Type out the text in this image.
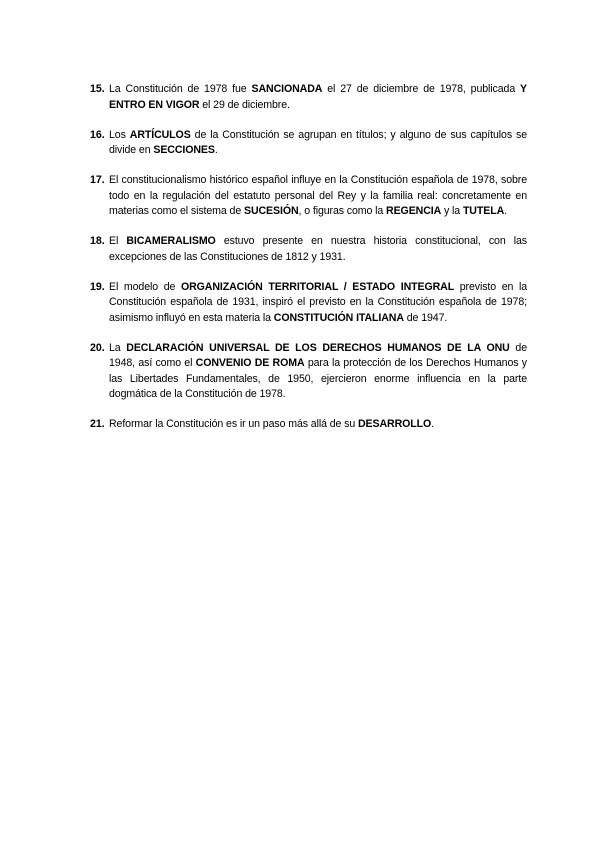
15. La Constitución de 1978 fue SANCIONADA el 27 de diciembre de 1978, publicada Y ENTRO EN VIGOR el 29 de diciembre.
16. Los ARTÍCULOS de la Constitución se agrupan en títulos; y alguno de sus capítulos se divide en SECCIONES.
17. El constitucionalismo histórico español influye en la Constitución española de 1978, sobre todo en la regulación del estatuto personal del Rey y la familia real: concretamente en materias como el sistema de SUCESIÓN, o figuras como la REGENCIA y la TUTELA.
18. El BICAMERALISMO estuvo presente en nuestra historia constitucional, con las excepciones de las Constituciones de 1812 y 1931.
19. El modelo de ORGANIZACIÓN TERRITORIAL / ESTADO INTEGRAL previsto en la Constitución española de 1931, inspiró el previsto en la Constitución española de 1978; asimismo influyó en esta materia la CONSTITUCIÓN ITALIANA de 1947.
20. La DECLARACIÓN UNIVERSAL DE LOS DERECHOS HUMANOS DE LA ONU de 1948, así como el CONVENIO DE ROMA para la protección de los Derechos Humanos y las Libertades Fundamentales, de 1950, ejercieron enorme influencia en la parte dogmática de la Constitución de 1978.
21. Reformar la Constitución es ir un paso más allá de su DESARROLLO.
